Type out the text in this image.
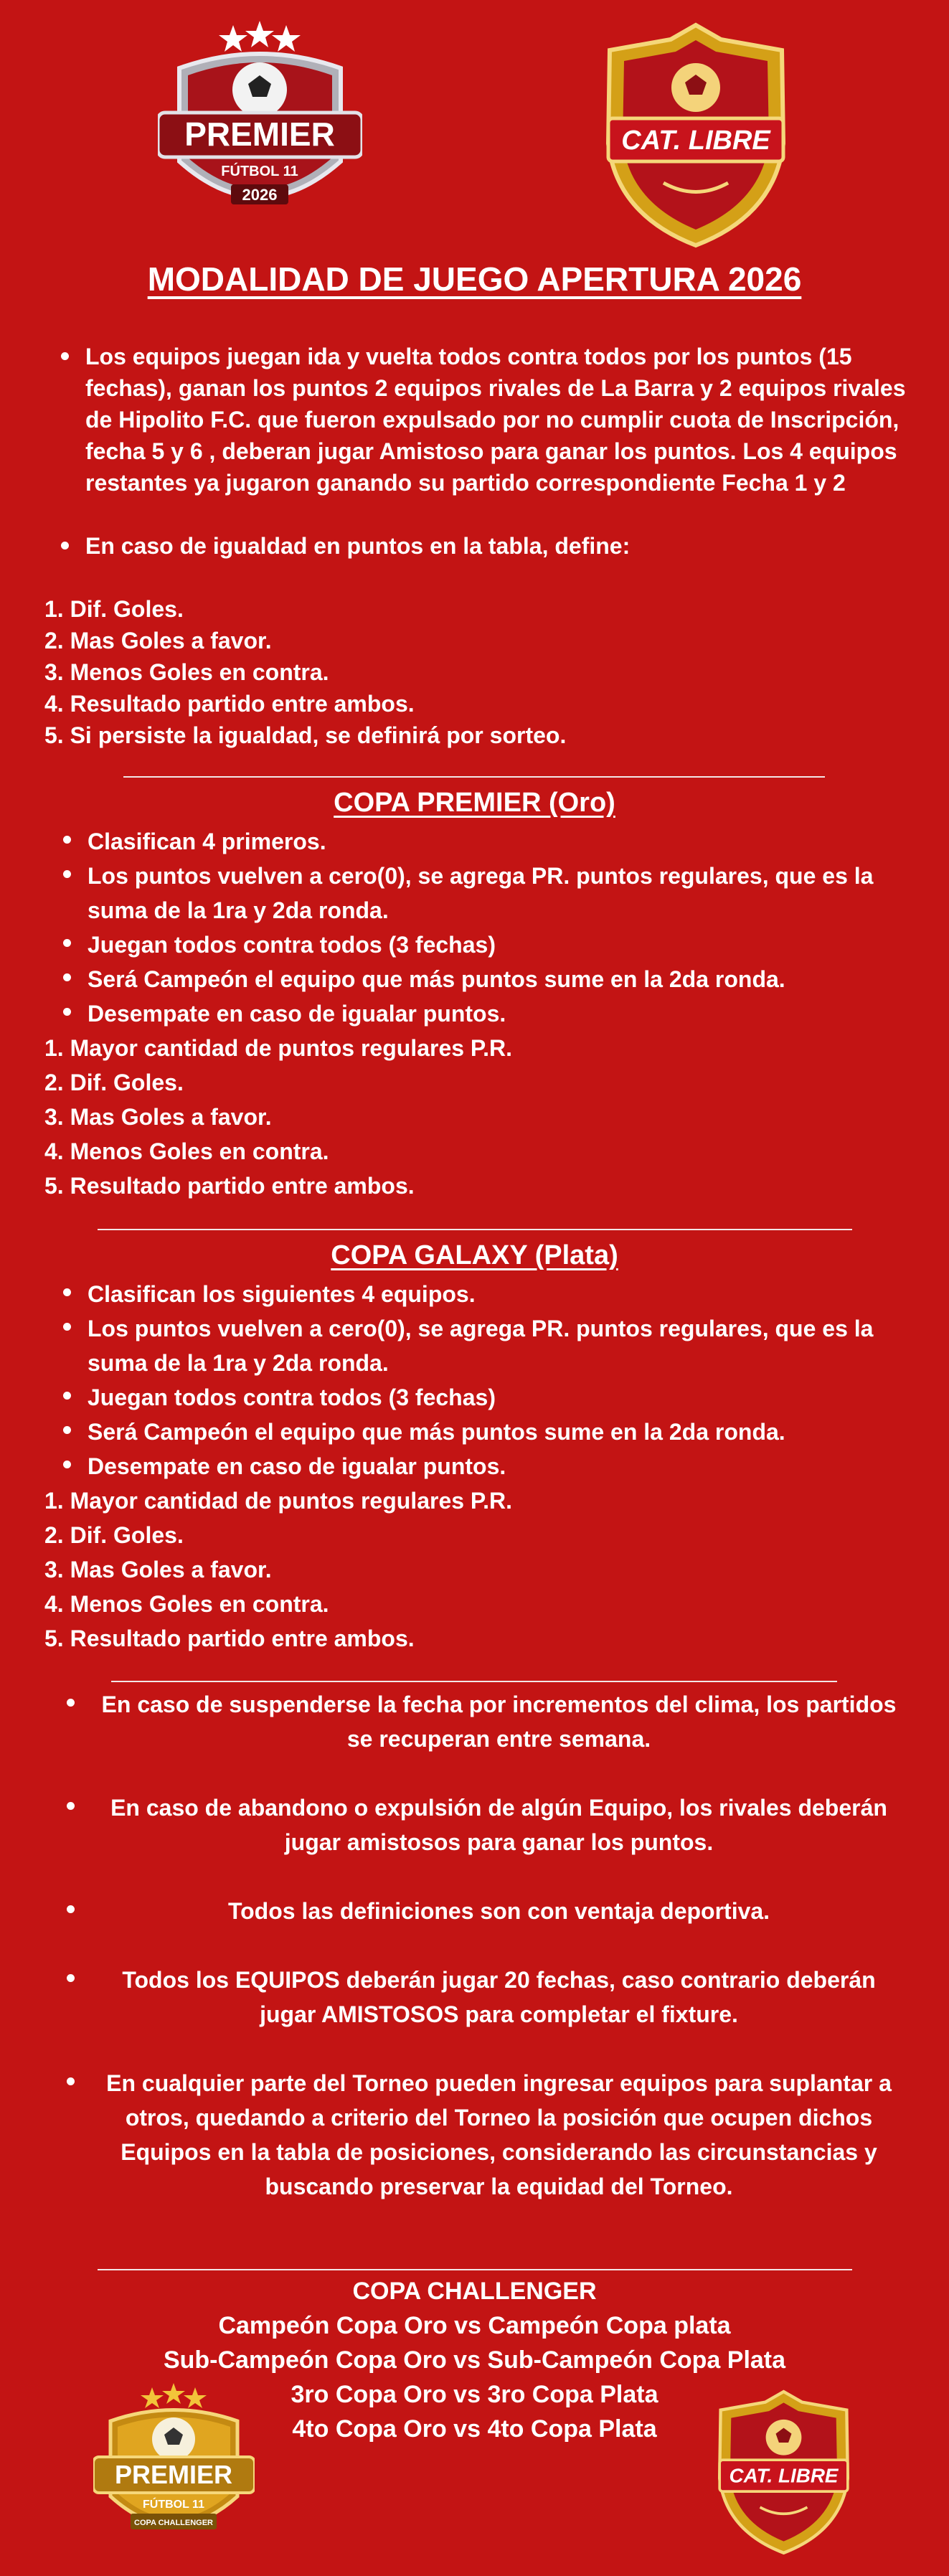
PREMIER
FÚTBOL 11
2026
CAT. LIBRE
MODALIDAD DE JUEGO APERTURA 2026

Los equipos juegan ida y vuelta todos contra todos por los puntos (15 fechas), ganan los puntos 2 equipos rivales de La Barra y 2 equipos rivales de Hipolito F.C. que fueron expulsado por no cumplir cuota de Inscripción, fecha 5 y 6 , deberan jugar Amistoso para ganar los puntos. Los 4 equipos restantes ya jugaron ganando su partido correspondiente Fecha 1 y 2

En caso de igualdad en puntos en la tabla, define:

1. Dif. Goles.

2. Mas Goles a favor.

3. Menos Goles en contra.

4. Resultado partido entre ambos.

5. Si persiste la igualdad, se definirá por sorteo.

COPA PREMIER (Oro)

Clasifican 4 primeros.

Los puntos vuelven a cero(0), se agrega PR. puntos regulares, que es la suma de la 1ra y 2da ronda.

Juegan todos contra todos (3 fechas)

Será Campeón el equipo que más puntos sume en la 2da ronda.

Desempate en caso de igualar puntos.

1. Mayor cantidad de puntos regulares P.R.

2. Dif. Goles.

3. Mas Goles a favor.

4. Menos Goles en contra.

5. Resultado partido entre ambos.

COPA GALAXY (Plata)

Clasifican los siguientes 4 equipos.

Los puntos vuelven a cero(0), se agrega PR. puntos regulares, que es la suma de la 1ra y 2da ronda.

Juegan todos contra todos (3 fechas)

Será Campeón el equipo que más puntos sume en la 2da ronda.

Desempate en caso de igualar puntos.

1. Mayor cantidad de puntos regulares P.R.

2. Dif. Goles.

3. Mas Goles a favor.

4. Menos Goles en contra.

5. Resultado partido entre ambos.

En caso de suspenderse la fecha por incrementos del clima, los partidos se recuperan entre semana.
En caso de abandono o expulsión de algún Equipo, los rivales deberán jugar amistosos para ganar los puntos.
Todos las definiciones son con ventaja deportiva.
Todos los EQUIPOS deberán jugar 20 fechas, caso contrario deberán jugar AMISTOSOS para completar el fixture.
En cualquier parte del Torneo pueden ingresar equipos para suplantar a otros, quedando a criterio del Torneo la posición que ocupen dichos Equipos en la tabla de posiciones, considerando las circunstancias y buscando preservar la equidad del Torneo.
COPA CHALLENGER
Campeón Copa Oro vs Campeón Copa plata
Sub-Campeón Copa Oro vs Sub-Campeón Copa Plata
3ro Copa Oro vs 3ro Copa Plata
4to Copa Oro vs 4to Copa Plata
PREMIER
FÚTBOL 11
COPA CHALLENGER
CAT. LIBRE
